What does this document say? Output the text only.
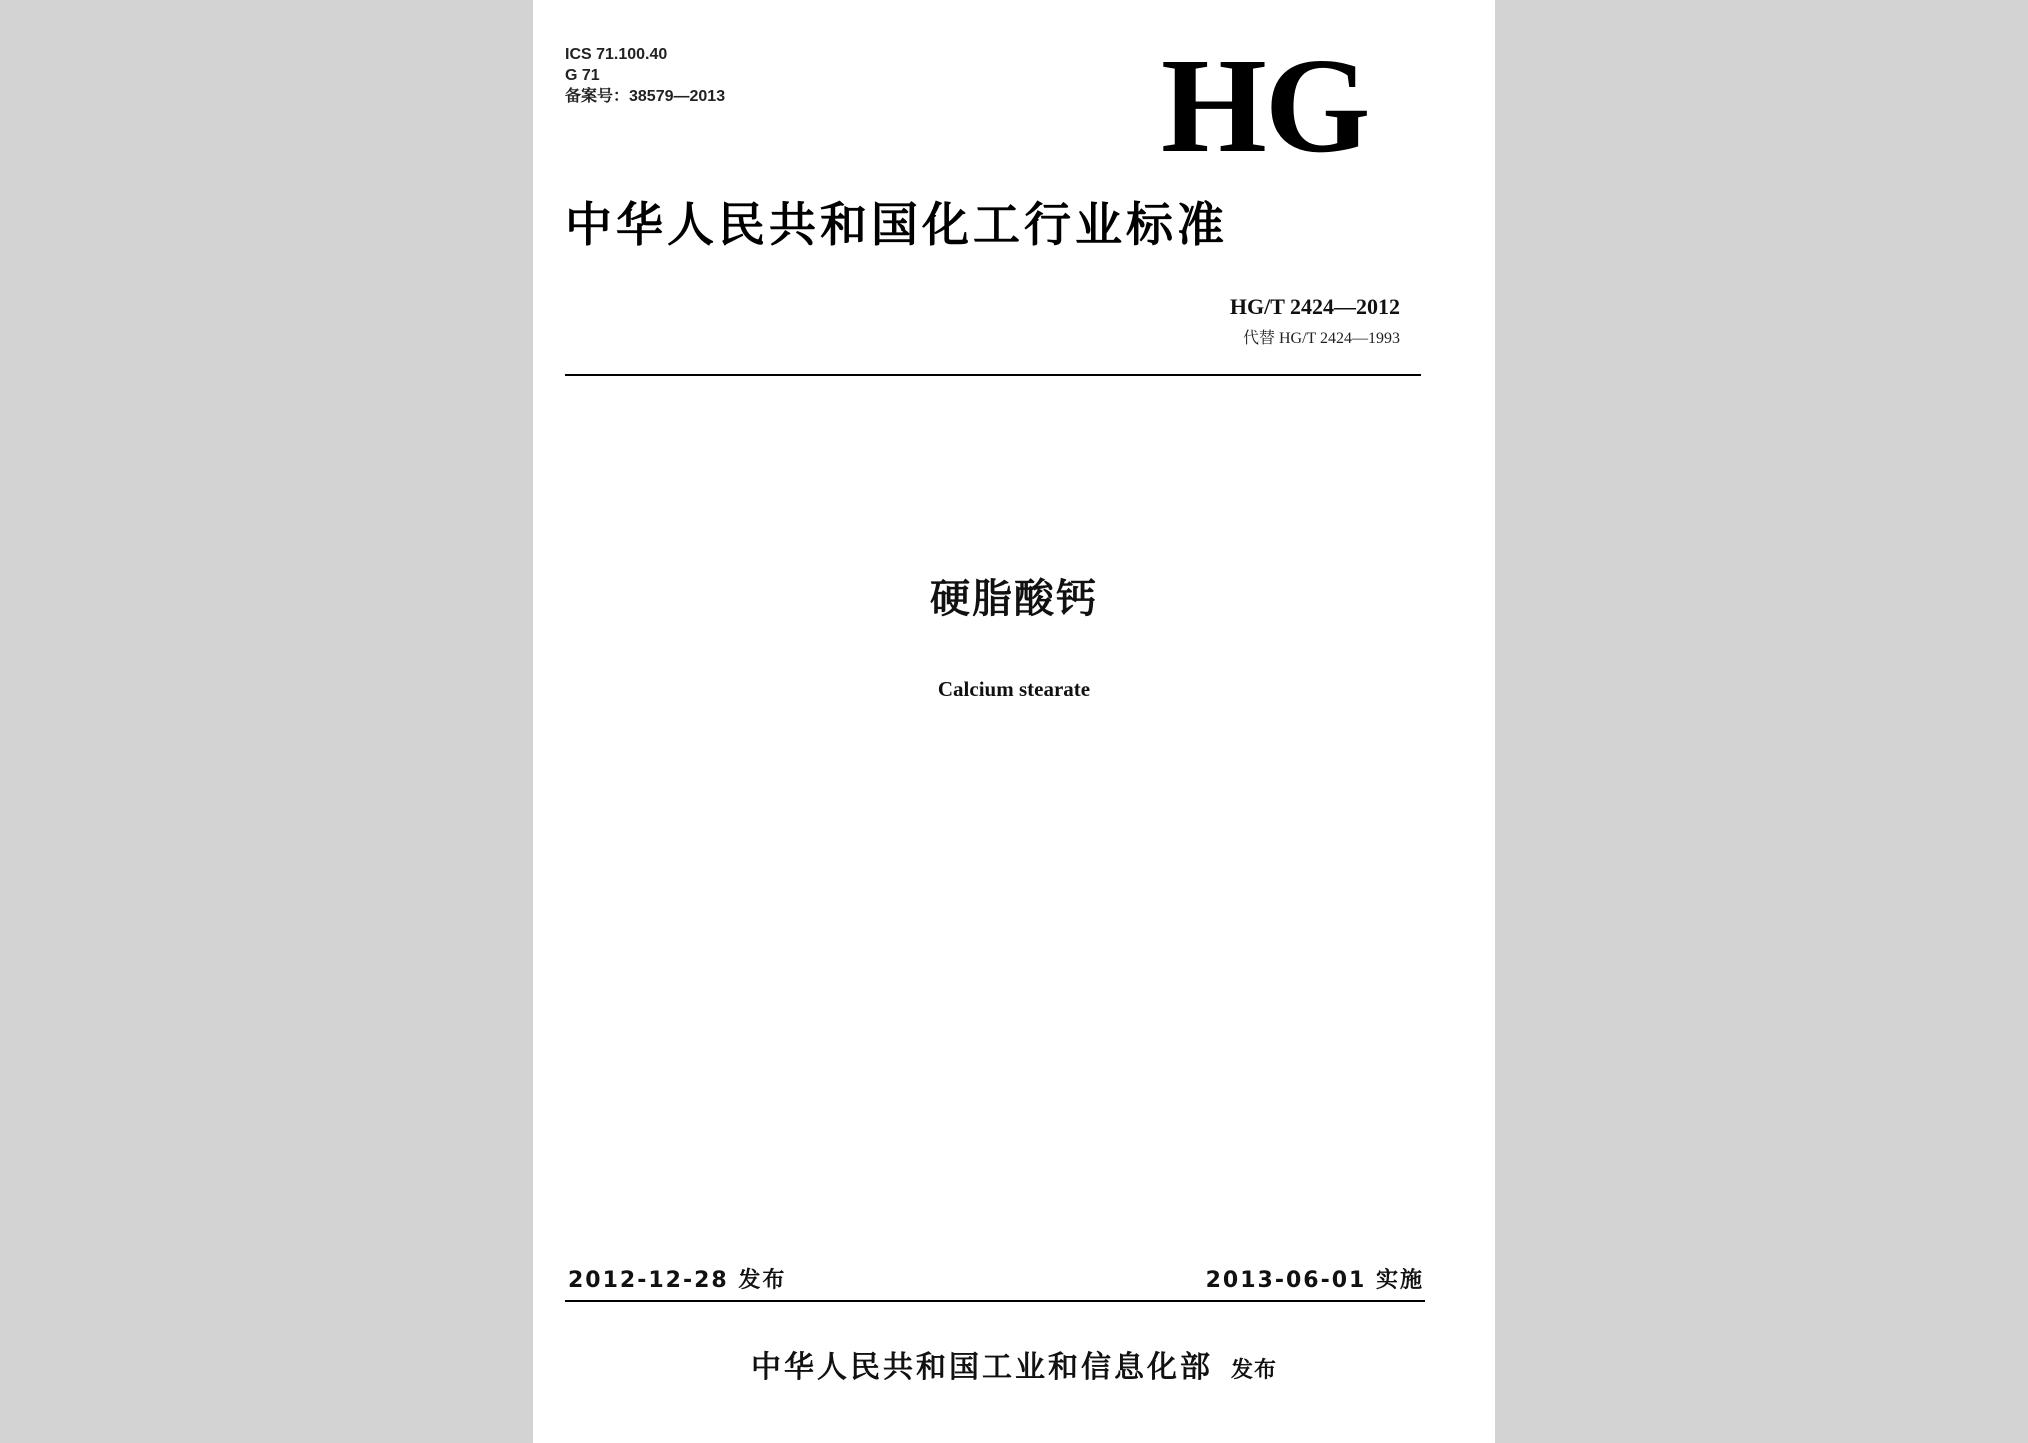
ICS 71.100.40
G 71
备案号：38579—2013	HG
中华人民共和国化工行业标准
HG/T 2424—2012
代替 HG/T 2424—1993
硬脂酸钙
Calcium stearate
2012-12-28 发布	2013-06-01 实施
中华人民共和国工业和信息化部 发布
